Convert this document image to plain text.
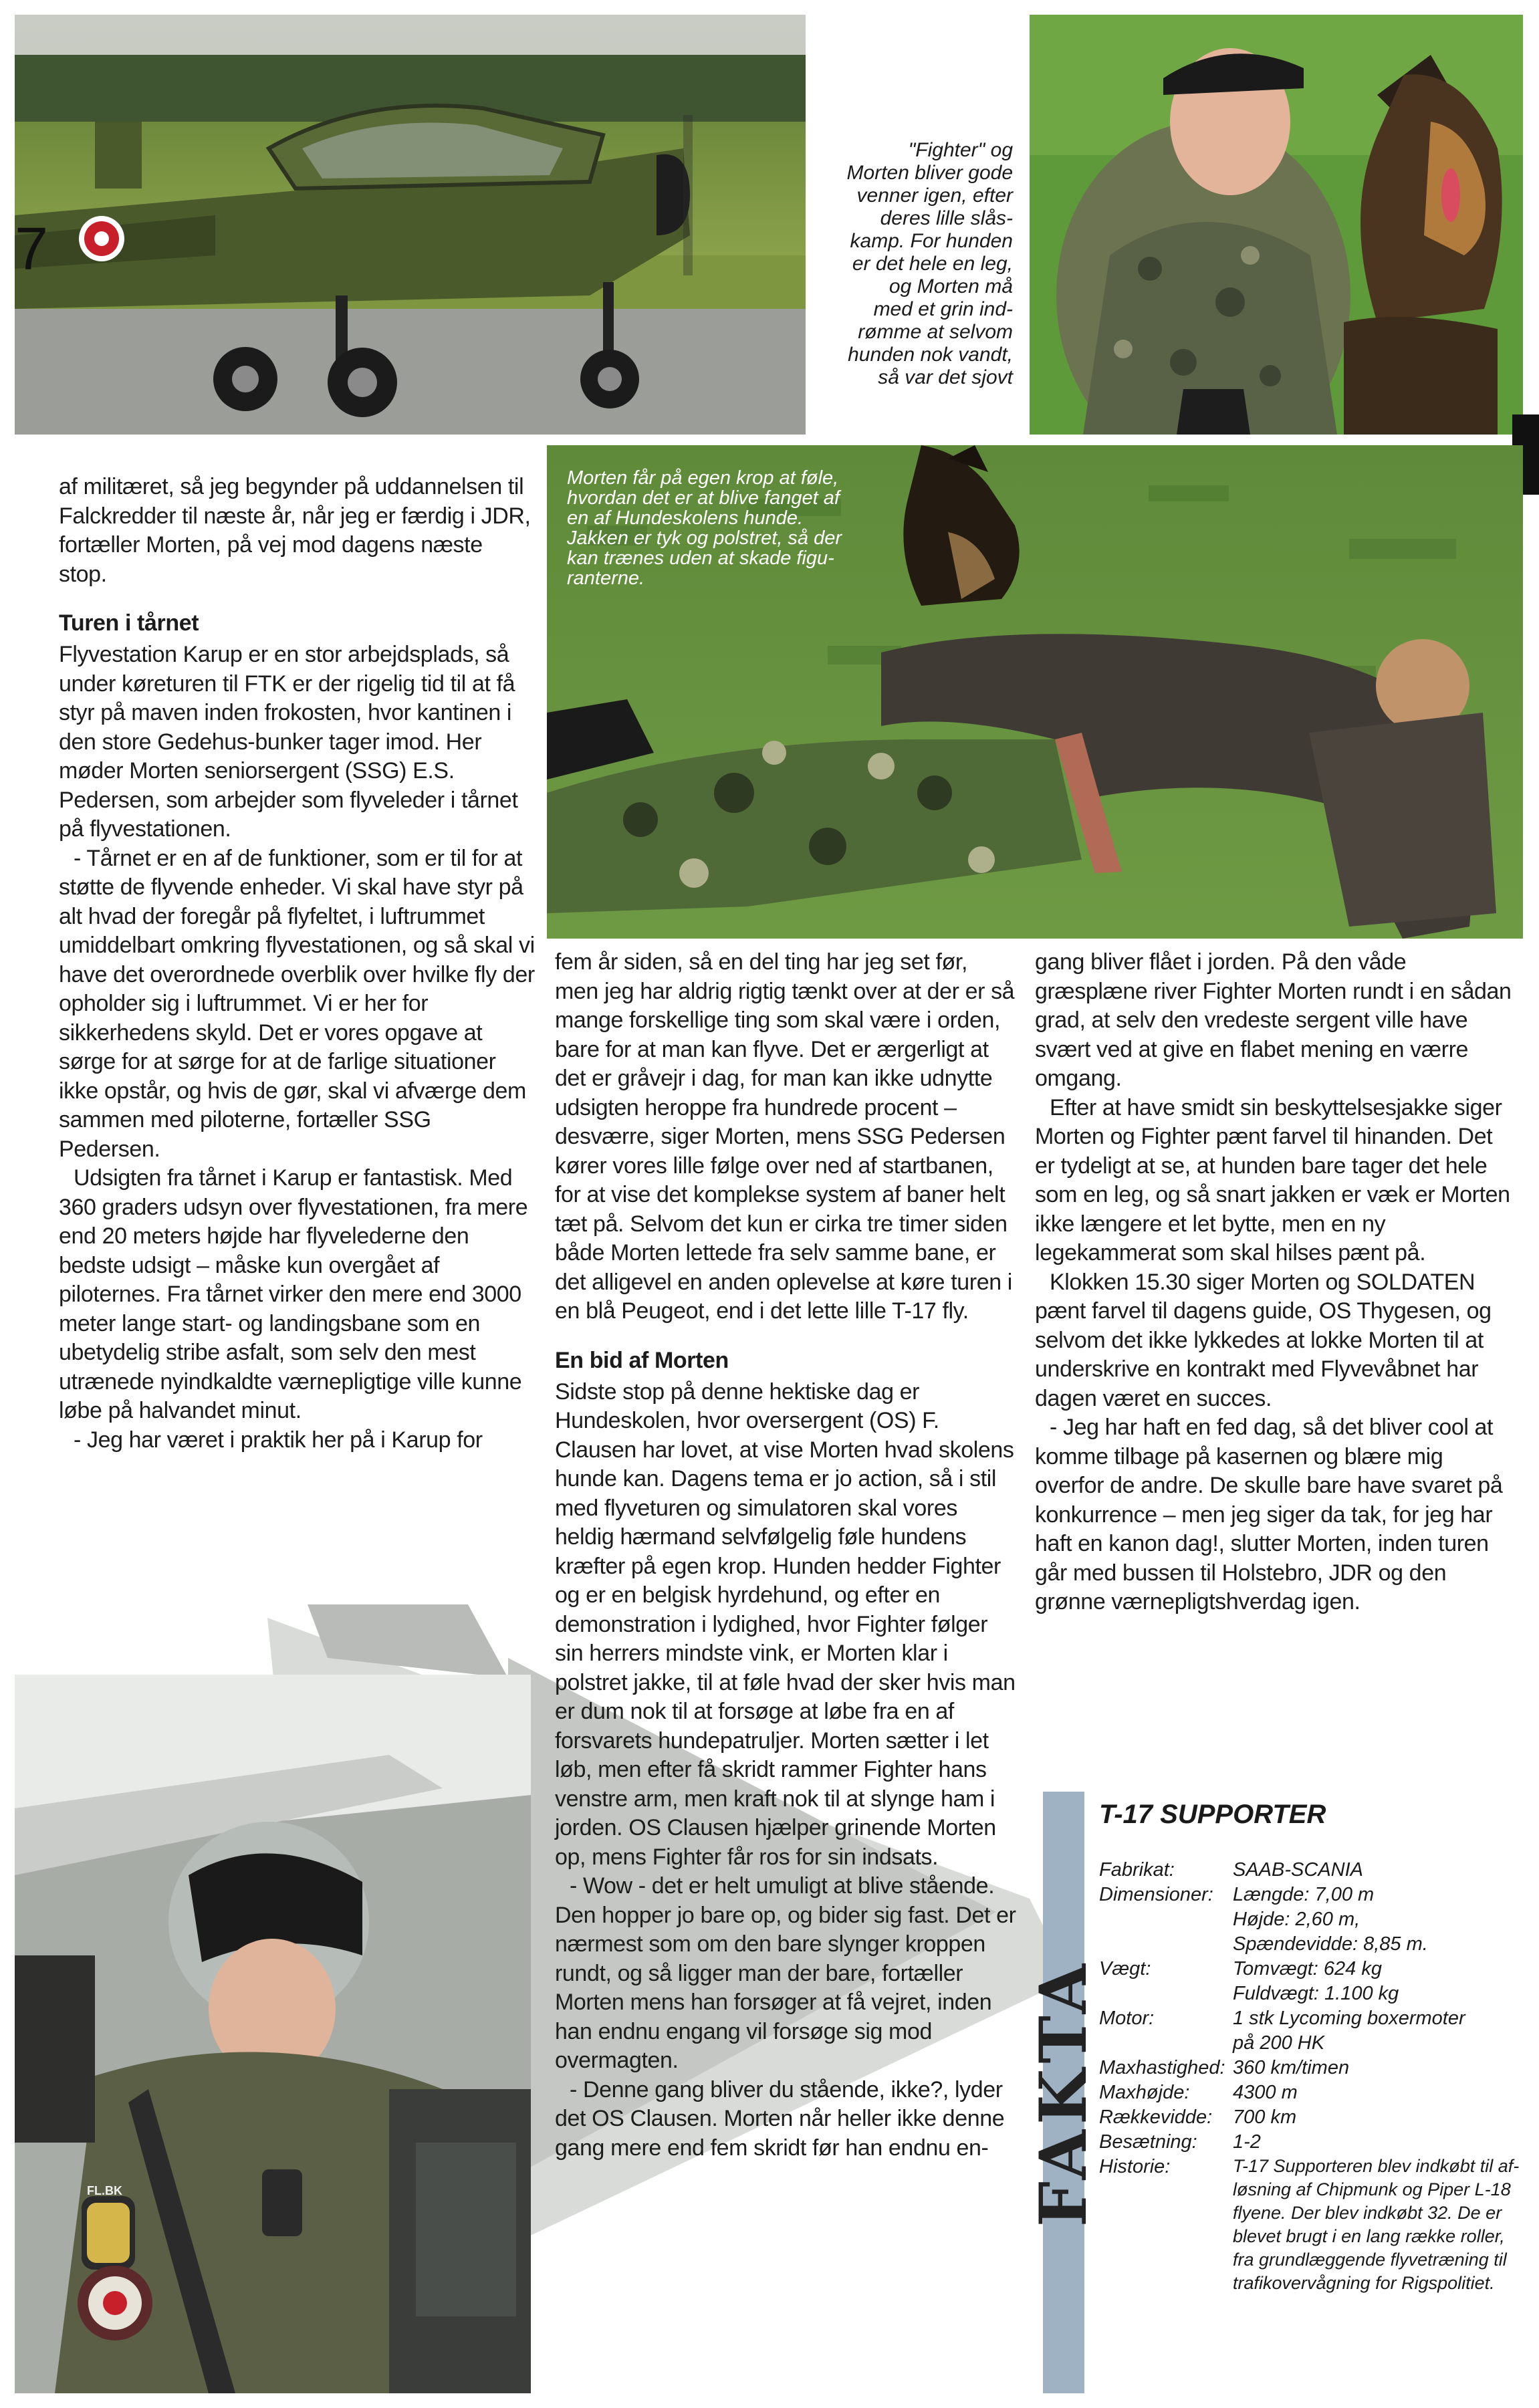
7
"Fighter" og
Morten bliver gode
venner igen, efter
deres lille slås-
kamp. For hunden
er det hele en leg,
og Morten må
med et grin ind-
rømme at selvom
hunden nok vandt,
så var det sjovt
Morten får på egen krop at føle,
hvordan det er at blive fanget af
en af Hundeskolens hunde.
Jakken er tyk og polstret, så der
kan trænes uden at skade figu-
ranterne.
FL.BK

af militæret, så jeg begynder på uddannelsen til Falckredder til næste år, når jeg er færdig i JDR, fortæller Morten, på vej mod dagens næste stop.

Turen i tårnet

Flyvestation Karup er en stor arbejdsplads, så under køreturen til FTK er der rigelig tid til at få styr på maven inden frokosten, hvor kantinen i den store Gedehus-bunker tager imod. Her møder Morten seniorsergent (SSG) E.S. Pedersen, som arbejder som flyveleder i tårnet på flyvestationen.

- Tårnet er en af de funktioner, som er til for at støtte de flyvende enheder. Vi skal have styr på alt hvad der foregår på flyfeltet, i luftrummet umiddelbart omkring flyvestationen, og så skal vi have det overordnede overblik over hvilke fly der opholder sig i luftrummet. Vi er her for sikkerhedens skyld. Det er vores opgave at sørge for at sørge for at de farlige situationer ikke opstår, og hvis de gør, skal vi afværge dem sammen med piloterne, fortæller SSG Pedersen.

Udsigten fra tårnet i Karup er fantastisk. Med 360 graders udsyn over flyvestationen, fra mere end 20 meters højde har flyvelederne den bedste udsigt – måske kun overgået af piloternes. Fra tårnet virker den mere end 3000 meter lange start- og landingsbane som en ubetydelig stribe asfalt, som selv den mest utrænede nyindkaldte værnepligtige ville kunne løbe på halvandet minut.

- Jeg har været i praktik her på i Karup for

fem år siden, så en del ting har jeg set før, men jeg har aldrig rigtig tænkt over at der er så mange forskellige ting som skal være i orden, bare for at man kan flyve. Det er ærgerligt at det er gråvejr i dag, for man kan ikke udnytte udsigten heroppe fra hundrede procent – desværre, siger Morten, mens SSG Pedersen kører vores lille følge over ned af startbanen, for at vise det komplekse system af baner helt tæt på. Selvom det kun er cirka tre timer siden både Morten lettede fra selv samme bane, er det alligevel en anden oplevelse at køre turen i en blå Peugeot, end i det lette lille T-17 fly.

En bid af Morten

Sidste stop på denne hektiske dag er Hundeskolen, hvor oversergent (OS) F. Clausen har lovet, at vise Morten hvad skolens hunde kan. Dagens tema er jo action, så i stil med flyveturen og simulatoren skal vores heldig hærmand selvfølgelig føle hundens kræfter på egen krop. Hunden hedder Fighter og er en belgisk hyrdehund, og efter en demonstration i lydighed, hvor Fighter følger sin herrers mindste vink, er Morten klar i polstret jakke, til at føle hvad der sker hvis man er dum nok til at forsøge at løbe fra en af forsvarets hundepatruljer. Morten sætter i let løb, men efter få skridt rammer Fighter hans venstre arm, men kraft nok til at slynge ham i jorden. OS Clausen hjælper grinende Morten op, mens Fighter får ros for sin indsats.

- Wow - det er helt umuligt at blive stående. Den hopper jo bare op, og bider sig fast. Det er nærmest som om den bare slynger kroppen rundt, og så ligger man der bare, fortæller Morten mens han forsøger at få vejret, inden han endnu engang vil forsøge sig mod overmagten.

- Denne gang bliver du stående, ikke?, lyder det OS Clausen. Morten når heller ikke denne gang mere end fem skridt før han endnu en-

gang bliver flået i jorden. På den våde græsplæne river Fighter Morten rundt i en sådan grad, at selv den vredeste sergent ville have svært ved at give en flabet mening en værre omgang.

Efter at have smidt sin beskyttelsesjakke siger Morten og Fighter pænt farvel til hinanden. Det er tydeligt at se, at hunden bare tager det hele som en leg, og så snart jakken er væk er Morten ikke længere et let bytte, men en ny legekammerat som skal hilses pænt på.

Klokken 15.30 siger Morten og SOLDATEN pænt farvel til dagens guide, OS Thygesen, og selvom det ikke lykkedes at lokke Morten til at underskrive en kontrakt med Flyvevåbnet har dagen været en succes.

- Jeg har haft en fed dag, så det bliver cool at komme tilbage på kasernen og blære mig overfor de andre. De skulle bare have svaret på konkurrence – men jeg siger da tak, for jeg har haft en kanon dag!, slutter Morten, inden turen går med bussen til Holstebro, JDR og den grønne værnepligtshverdag igen.

FAKTA
T-17 SUPPORTER
Fabrikat:	SAAB-SCANIA
Dimensioner:	Længde: 7,00 m
Højde: 2,60 m,
Spændevidde: 8,85 m.
Vægt:	Tomvægt: 624 kg
Fuldvægt: 1.100 kg
Motor:	1 stk Lycoming boxermoter
på 200 HK
Maxhastighed: 360 km/timen
Maxhøjde:	4300 m
Rækkevidde:	700 km
Besætning:	1-2
Historie:	T-17 Supporteren blev indkøbt til af-
løsning af Chipmunk og Piper L-18
flyene. Der blev indkøbt 32. De er
blevet brugt i en lang række roller,
fra grundlæggende flyvetræning til
trafikovervågning for Rigspolitiet.
